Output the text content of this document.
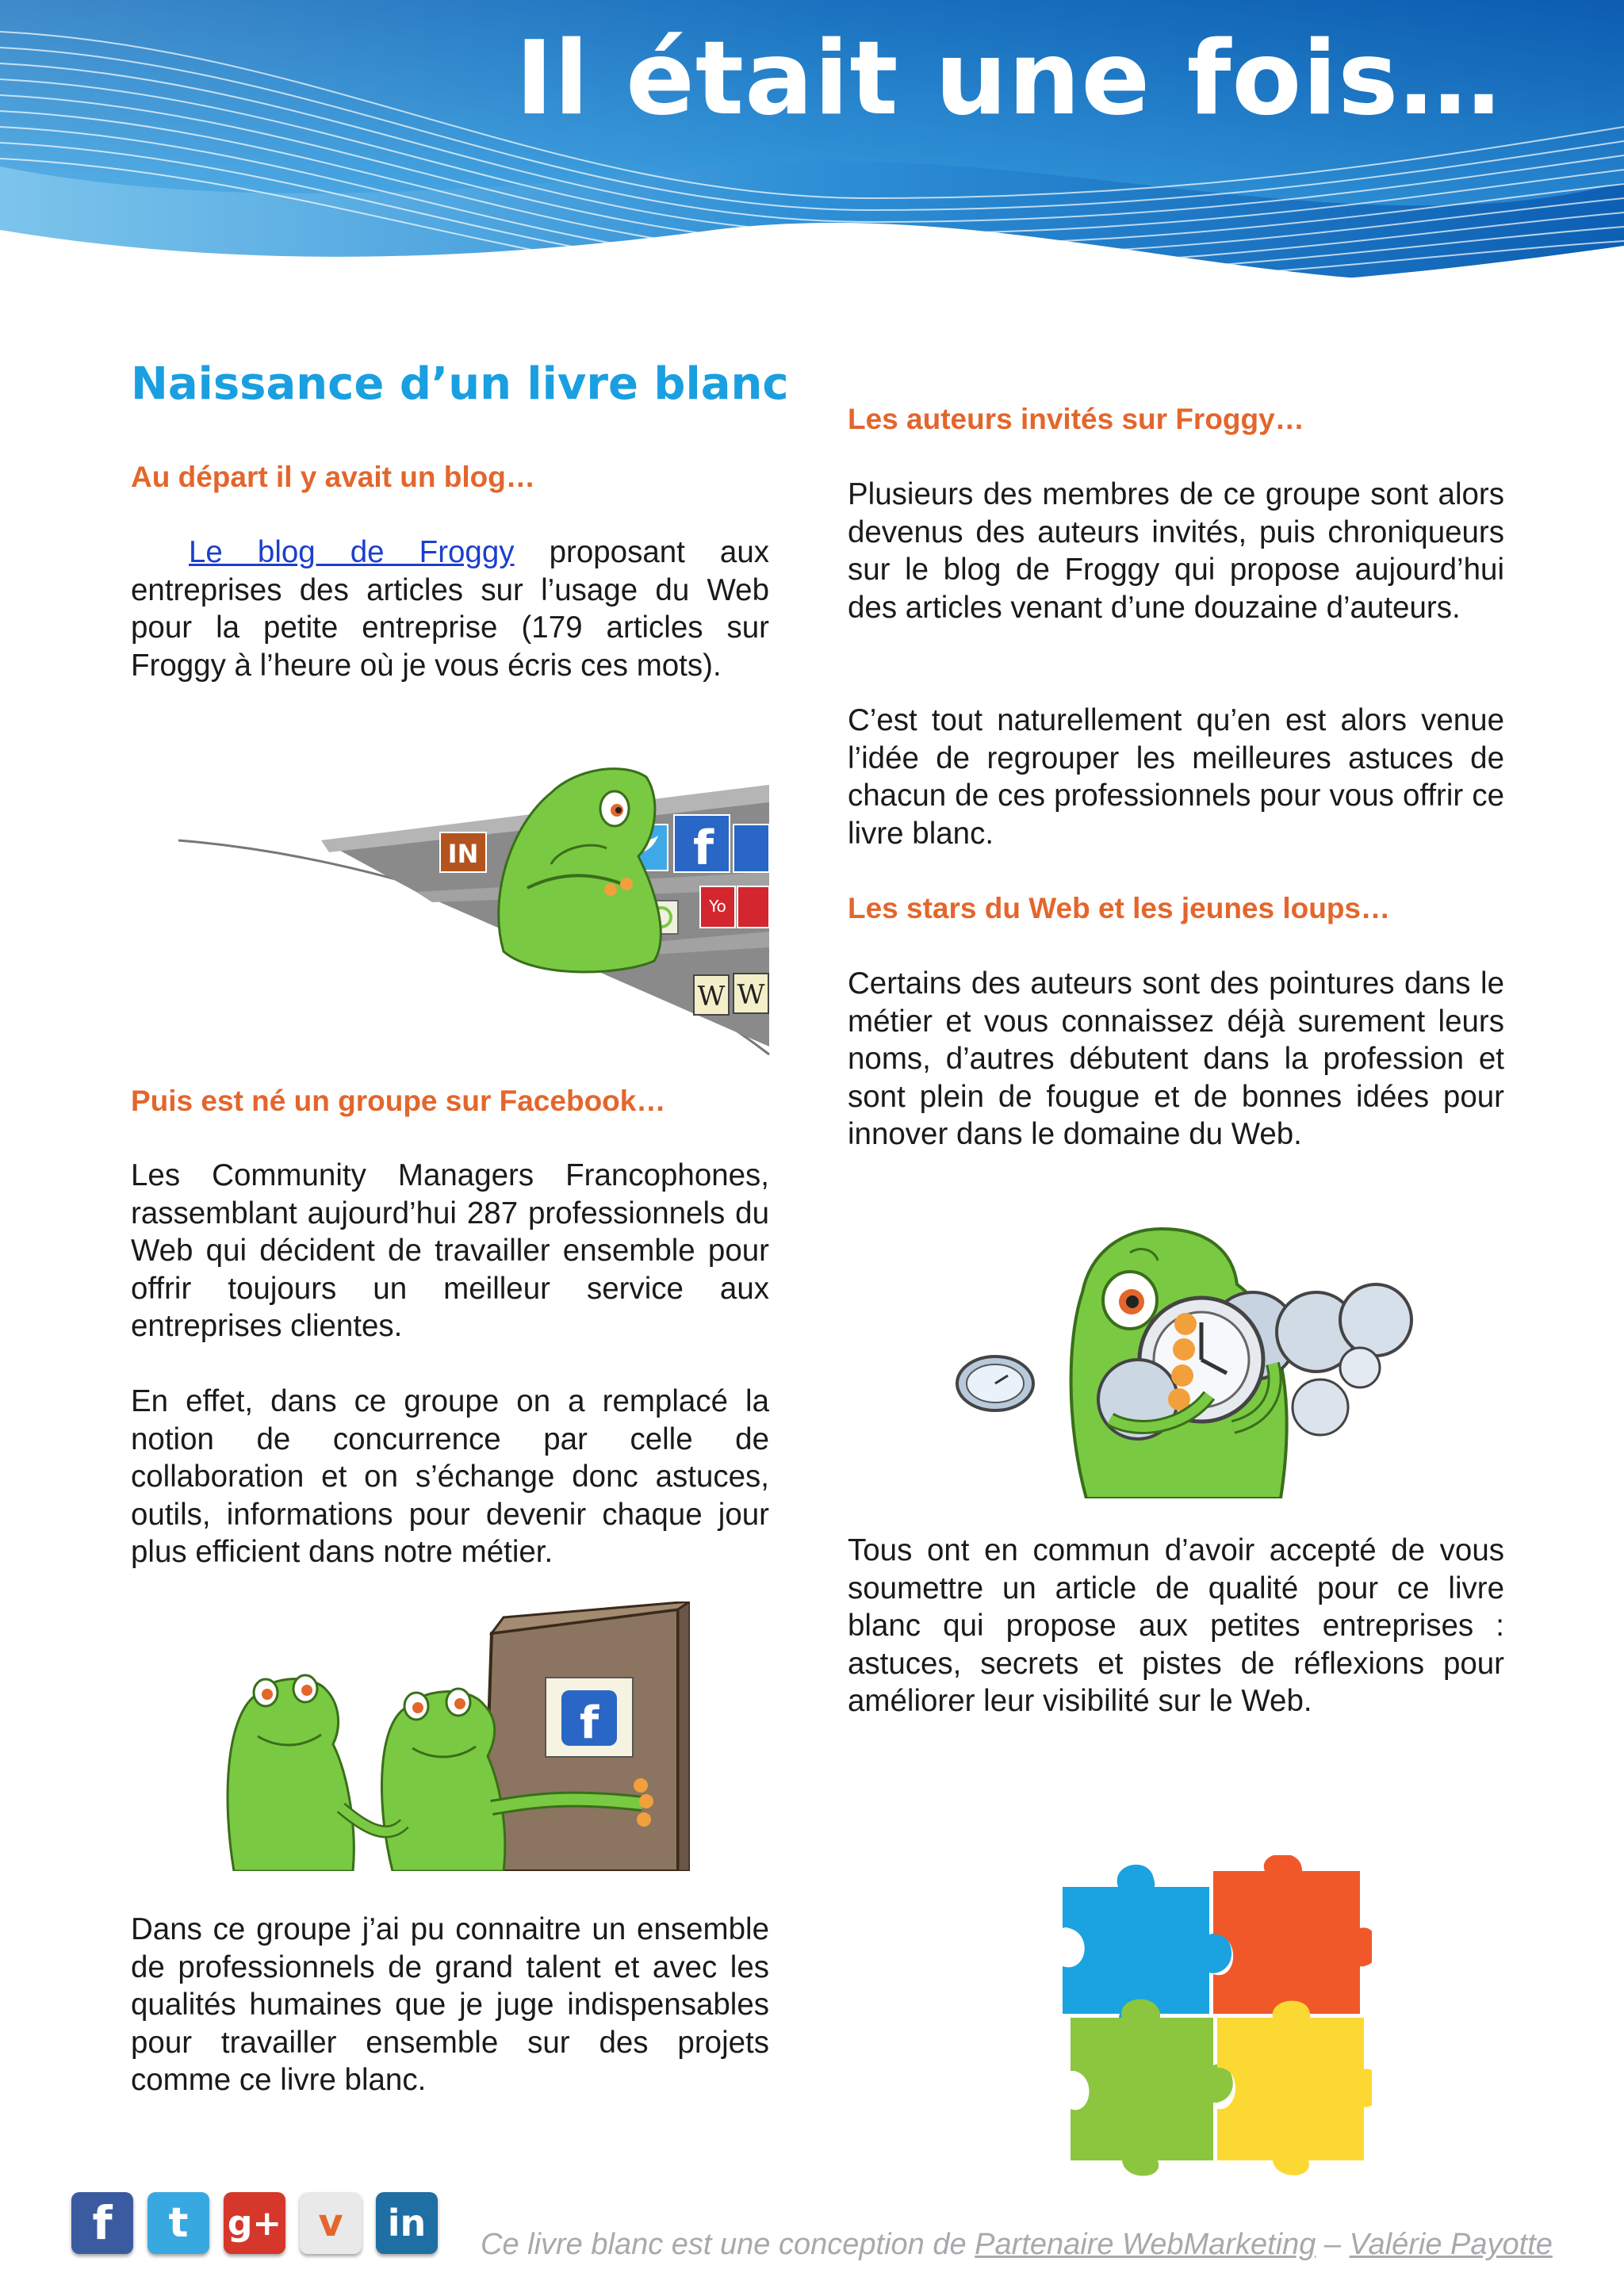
Il était une fois…
Naissance d’un livre blanc
Au départ il y avait un blog…

Le blog de Froggy proposant aux entreprises des articles sur l’usage du Web pour la petite entreprise (179 articles sur Froggy à l’heure où je vous écris ces mots).

IN	f
Yo
W W
Puis est né un groupe sur Facebook…

Les Community Managers Francophones, rassemblant aujourd’hui 287 professionnels du Web qui décident de travailler ensemble pour offrir toujours un meilleur service aux entreprises clientes.

En effet, dans ce groupe on a remplacé la notion de concurrence par celle de collaboration et on s’échange donc astuces, outils, informations pour devenir chaque jour plus efficient dans notre métier.

f

Dans ce groupe j’ai pu connaitre un ensemble de professionnels de grand talent et avec les qualités humaines que je juge indispensables pour travailler ensemble sur des projets comme ce livre blanc.

Les auteurs invités sur Froggy…

Plusieurs des membres de ce groupe sont alors devenus des auteurs invités, puis chroniqueurs sur le blog de Froggy qui propose aujourd’hui des articles venant d’une douzaine d’auteurs.

C’est tout naturellement qu’en est alors venue l’idée de regrouper les meilleures astuces de chacun de ces professionnels pour vous offrir ce livre blanc.

Les stars du Web et les jeunes loups…

Certains des auteurs sont des pointures dans le métier et vous connaissez déjà surement leurs noms, d’autres débutent dans la profession et sont plein de fougue et de bonnes idées pour innover dans le domaine du Web.

Tous ont en commun d’avoir accepté de vous soumettre un article de qualité pour ce livre blanc qui propose aux petites entreprises : astuces, secrets et pistes de réflexions pour améliorer leur visibilité sur le Web.

f t g+ v in Ce livre blanc est une conception de Partenaire WebMarketing – Valérie Payotte
